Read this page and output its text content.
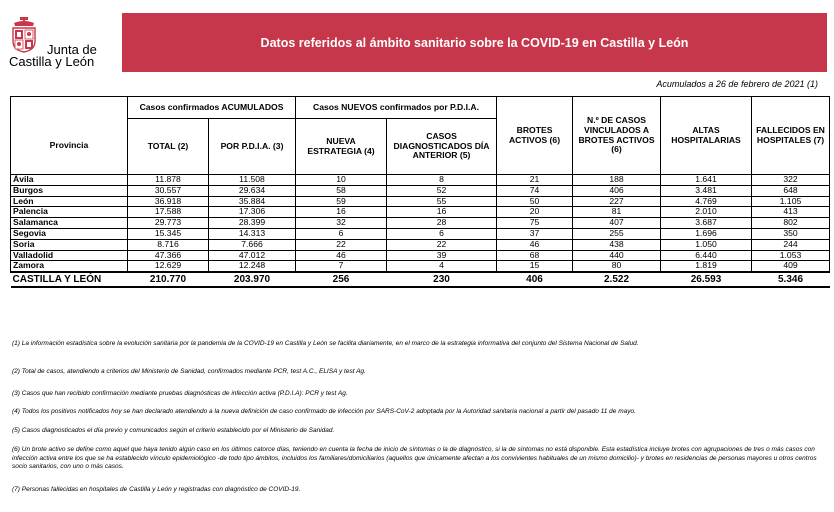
Junta de
Castilla y León
Datos referidos al ámbito sanitario sobre la COVID-19 en Castilla y León
Acumulados a 26 de febrero de 2021 (1)
	Casos confirmados ACUMULADOS		Casos NUEVOS confirmados por P.D.I.A.		BROTES ACTIVOS (6)	N.º DE CASOS VINCULADOS A BROTES ACTIVOS (6)	ALTAS HOSPITALARIAS	FALLECIDOS EN HOSPITALES (7)
Provincia	TOTAL (2)	POR P.D.I.A. (3)	NUEVA ESTRATEGIA (4)	CASOS DIAGNOSTICADOS DÍA ANTERIOR (5)				
Ávila	11.878	11.508	10	8	21	188	1.641	322
Burgos	30.557	29.634	58	52	74	406	3.481	648
León	36.918	35.884	59	55	50	227	4.769	1.105
Palencia	17.588	17.306	16	16	20	81	2.010	413
Salamanca	29.773	28.399	32	28	75	407	3.687	802
Segovia	15.345	14.313	6	6	37	255	1.696	350
Soria	8.716	7.666	22	22	46	438	1.050	244
Valladolid	47.366	47.012	46	39	68	440	6.440	1.053
Zamora	12.629	12.248	7	4	15	80	1.819	409
CASTILLA Y LEÓN	210.770	203.970	256	230	406	2.522	26.593	5.346
(1) La información estadística sobre la evolución sanitaria por la pandemia de la COVID-19 en Castilla y León se facilita diariamente, en el marco de la estrategia informativa del conjunto del Sistema Nacional de Salud.
(2) Total de casos, atendiendo a criterios del Ministerio de Sanidad, confirmados mediante PCR, test A.C., ELISA y test Ag.
(3) Casos que han recibido confirmación mediante pruebas diagnósticas de infección activa (P.D.I.A): PCR y test Ag.
(4) Todos los positivos notificados hoy se han declarado atendiendo a la nueva definición de caso confirmado de infección por SARS-CoV-2 adoptada por la Autoridad sanitaria nacional a partir del pasado 11 de mayo.
(5) Casos diagnosticados el día previo y comunicados según el criterio establecido por el Ministerio de Sanidad.
(6) Un brote activo se define como aquel que haya tenido algún caso en los últimos catorce días, teniendo en cuenta la fecha de inicio de síntomas o la de diagnóstico, si la de síntomas no está disponible. Esta estadística incluye brotes con agrupaciones de tres o más casos con infección activa entre los que se ha establecido vínculo epidemiológico -de todo tipo ámbitos, incluidos los familiares/domiciliarios (aquellos que únicamente afectan a los convivientes habituales de un mismo domicilio)- y brotes en residencias de personas mayores u otros centros socio sanitarios, con uno o más casos.
(7) Personas fallecidas en hospitales de Castilla y León y registradas con diagnóstico de COVID-19.
